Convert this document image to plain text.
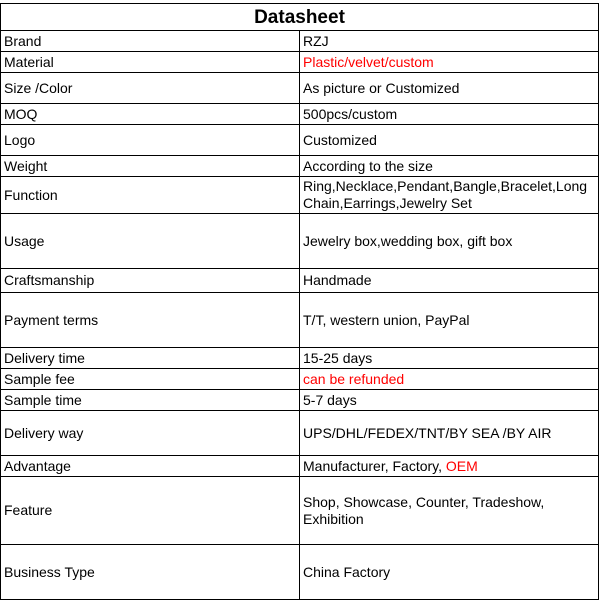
Datasheet	
Brand	RZJ
Material	Plastic/velvet/custom
Size /Color	As picture or Customized
MOQ	500pcs/custom
Logo	Customized
Weight	According to the size
Function	Ring,Necklace,Pendant,Bangle,Bracelet,Long
Chain,Earrings,Jewelry Set
Usage	Jewelry box,wedding box, gift box
Craftsmanship	Handmade
Payment terms	T/T, western union, PayPal
Delivery time	15-25 days
Sample fee	can be refunded
Sample time	5-7 days
Delivery way	UPS/DHL/FEDEX/TNT/BY SEA /BY AIR
Advantage	Manufacturer, Factory, OEM
Feature	Shop, Showcase, Counter, Tradeshow, Exhibition
Business Type	China Factory
